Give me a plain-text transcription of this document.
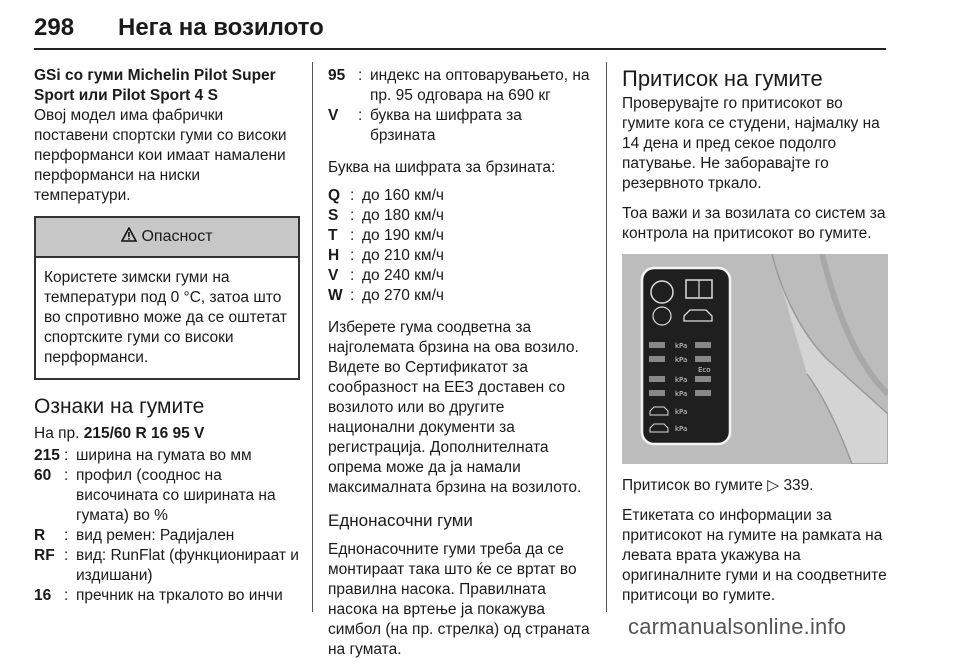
298 Нега на возилото

GSi со гуми Michelin Pilot Super Sport или Pilot Sport 4 S

Овој модел има фабрички поставени спортски гуми со високи перформанси кои имаат намалени перформанси на ниски температури.

Опасност
Користете зимски гуми на температури под 0 °C, затоа што во спротивно може да се оштетат спортските гуми со високи перформанси.
Ознаки на гумите

На пр. 215/60 R 16 95 V

215 : ширина на гумата во мм
60 : профил (сооднос на височината со ширината на гумата) во %
R	: вид ремен: Радијален
RF : вид: RunFlat (функционираат и издишани)
16 : пречник на тркалото во инчи
95 : индекс на оптоварувањето, на пр. 95 одговара на 690 кг
V	: буква на шифрата за брзината

Буква на шифрата за брзината:

Q : до 160 км/ч
S : до 180 км/ч
T : до 190 км/ч
H : до 210 км/ч
V : до 240 км/ч
W : до 270 км/ч

Изберете гума соодветна за најголемата брзина на ова возило. Видете во Сертификатот за сообразност на ЕЕЗ доставен со возилото или во другите национални документи за регистрација. Дополнителната опрема може да ја намали максималната брзина на возилото.

Еднонасочни гуми

Еднонасочните гуми треба да се монтираат така што ќе се вртат во правилна насока. Правилната насока на вртење ја покажува симбол (на пр. стрелка) од страната на гумата.

Притисок на гумите

Проверувајте го притисокот во гумите кога се студени, најмалку на 14 дена и пред секое подолго патување. Не заборавајте го резервното тркало.

Тоа важи и за возилата со систем за контрола на притисокот во гумите.

kPa
kPa
Eco
kPa
kPa
kPa
kPa

Притисок во гумите ▷ 339.

Етикетата со информации за притисокот на гумите на рамката на левата врата укажува на оригиналните гуми и на соодветните притисоци во гумите.

carmanualsonline.info
